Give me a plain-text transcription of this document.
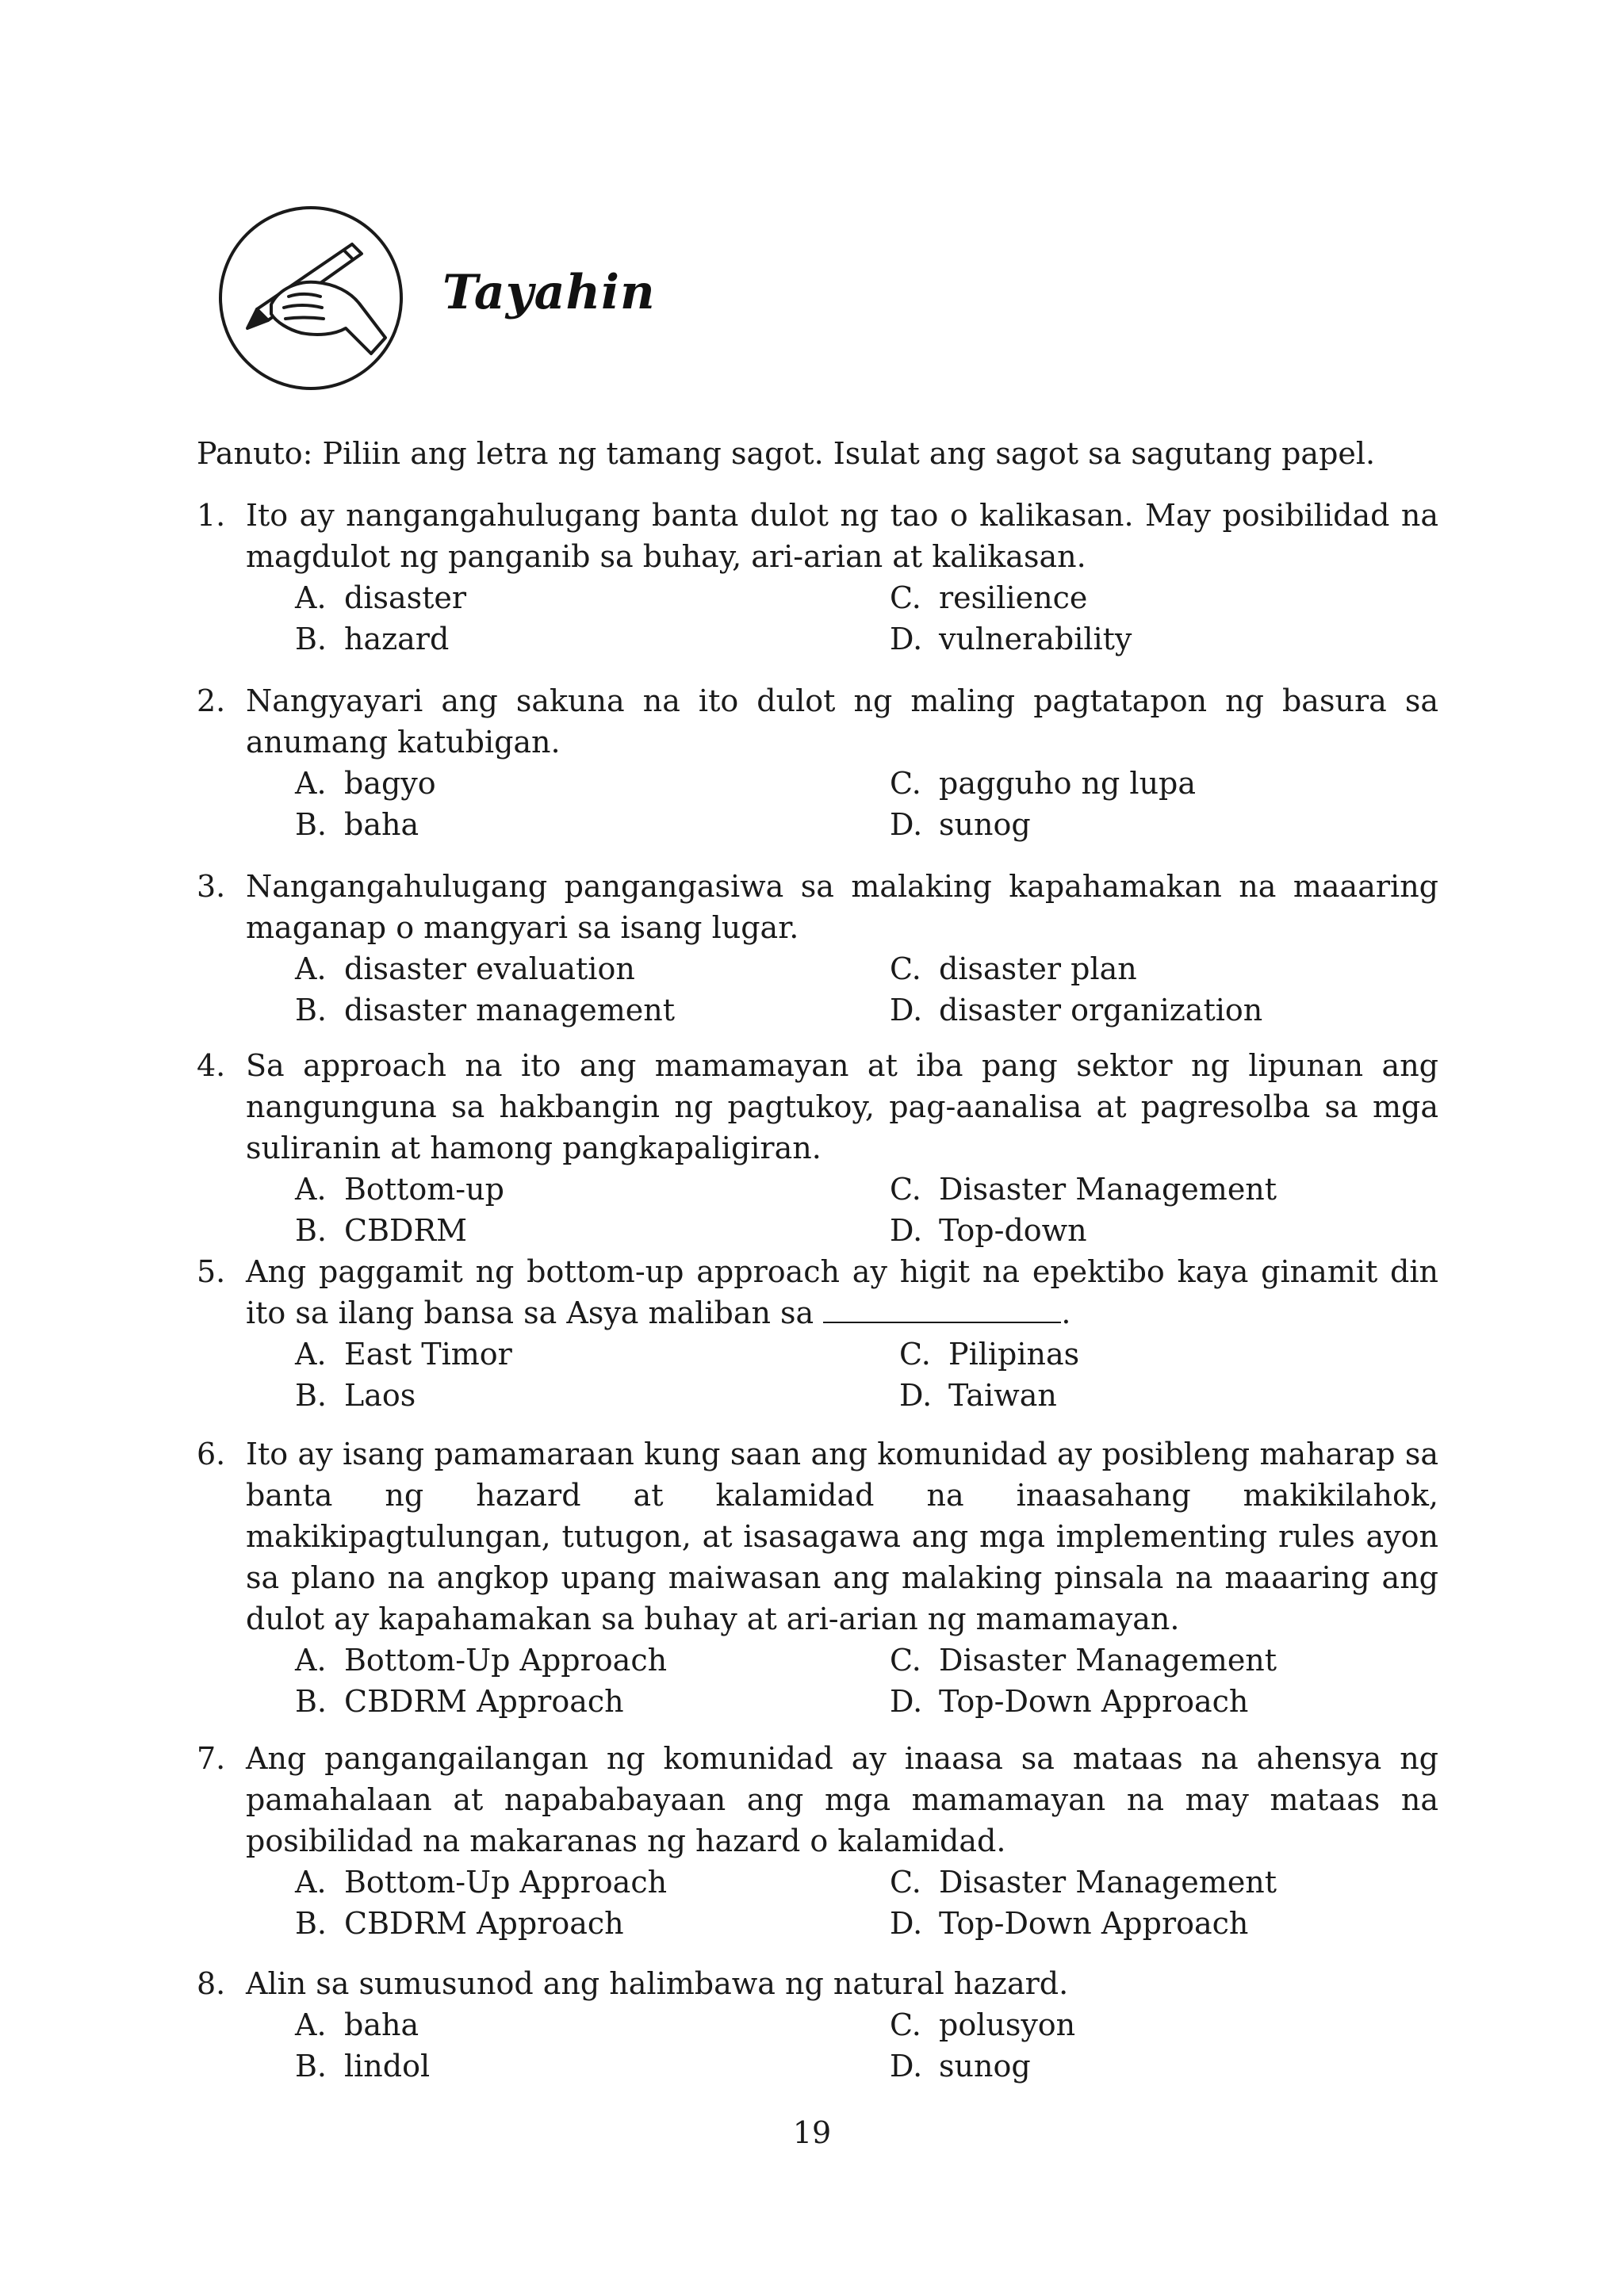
Tayahin
Panuto: Piliin ang letra ng tamang sagot. Isulat ang sagot sa sagutang papel.
1. Ito ay nangangahulugang banta dulot ng tao o kalikasan. May posibilidad na magdulot ng panganib sa buhay, ari-arian at kalikasan.
A. disaster	C. resilience
B. hazard	D. vulnerability
2. Nangyayari ang sakuna na ito dulot ng maling pagtatapon ng basura sa anumang katubigan.
A. bagyo	C. pagguho ng lupa
B. baha	D. sunog
3. Nangangahulugang pangangasiwa sa malaking kapahamakan na maaaring maganap o mangyari sa isang lugar.
A. disaster evaluation	C. disaster plan
B. disaster management	D. disaster organization
4. Sa approach na ito ang mamamayan at iba pang sektor ng lipunan ang nangunguna sa hakbangin ng pagtukoy, pag-aanalisa at pagresolba sa mga suliranin at hamong pangkapaligiran.
A. Bottom-up	C. Disaster Management
B. CBDRM	D. Top-down
5. Ang paggamit ng bottom-up approach ay higit na epektibo kaya ginamit din ito sa ilang bansa sa Asya maliban sa	.
A. East Timor	C. Pilipinas
B. Laos	D. Taiwan
6. Ito ay isang pamamaraan kung saan ang komunidad ay posibleng maharap sa banta ng hazard at kalamidad na inaasahang makikilahok, makikipagtulungan, tutugon, at isasagawa ang mga implementing rules ayon sa plano na angkop upang maiwasan ang malaking pinsala na maaaring ang dulot ay kapahamakan sa buhay at ari-arian ng mamamayan.
A. Bottom-Up Approach	C. Disaster Management
B. CBDRM Approach	D. Top-Down Approach
7. Ang pangangailangan ng komunidad ay inaasa sa mataas na ahensya ng pamahalaan at napababayaan ang mga mamamayan na may mataas na posibilidad na makaranas ng hazard o kalamidad.
A. Bottom-Up Approach	C. Disaster Management
B. CBDRM Approach	D. Top-Down Approach
8. Alin sa sumusunod ang halimbawa ng natural hazard.
A. baha	C. polusyon
B. lindol	D. sunog
19
